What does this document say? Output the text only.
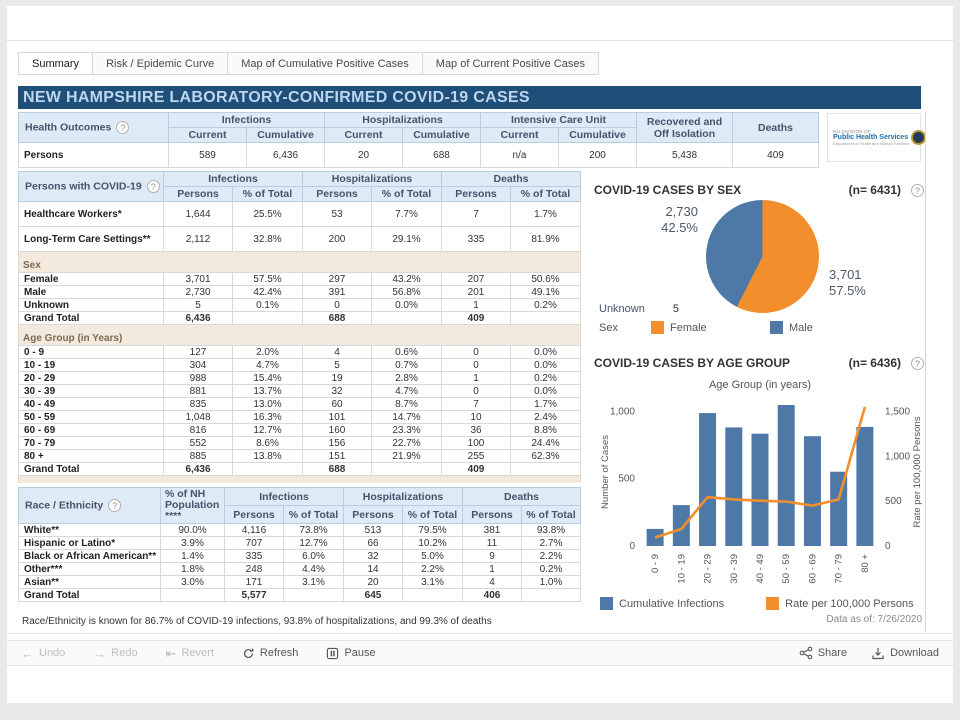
Summary	Risk / Epidemic Curve	Map of Cumulative Positive Cases	Map of Current Positive Cases
NEW HAMPSHIRE LABORATORY-CONFIRMED COVID-19 CASES
Health Outcomes ?	Infections		Hospitalizations		Intensive Care Unit		Recovered and Off Isolation	Deaths
	Current	Cumulative	Current	Cumulative	Current	Cumulative		
Persons	589	6,436	20	688	n/a	200	5,438	409
NH DIVISION OF
Public Health Services
Department of Health and Human Services
Persons with COVID-19 ?	Infections		Hospitalizations		Deaths	
	Persons	% of Total	Persons	% of Total	Persons	% of Total
Healthcare Workers*	1,644	25.5%	53	7.7%	7	1.7%
Long-Term Care Settings**	2,112	32.8%	200	29.1%	335	81.9%

Sex						
Female	3,701	57.5%	297	43.2%	207	50.6%
Male	2,730	42.4%	391	56.8%	201	49.1%
Unknown	5	0.1%	0	0.0%	1	0.2%
Grand Total	6,436		688		409	

Age Group (in Years)						
0 - 9	127	2.0%	4	0.6%	0	0.0%
10 - 19	304	4.7%	5	0.7%	0	0.0%
20 - 29	988	15.4%	19	2.8%	1	0.2%
30 - 39	881	13.7%	32	4.7%	0	0.0%
40 - 49	835	13.0%	60	8.7%	7	1.7%
50 - 59	1,048	16.3%	101	14.7%	10	2.4%
60 - 69	816	12.7%	160	23.3%	36	8.8%
70 - 79	552	8.6%	156	22.7%	100	24.4%
80 +	885	13.8%	151	21.9%	255	62.3%
Grand Total	6,436		688		409	

Race / Ethnicity ?	% of NH Population ****	Infections		Hospitalizations		Deaths	
		Persons	% of Total	Persons	% of Total	Persons	% of Total
White**	90.0%	4,116	73.8%	513	79.5%	381	93.8%
Hispanic or Latino*	3.9%	707	12.7%	66	10.2%	11	2.7%
Black or African American**	1.4%	335	6.0%	32	5.0%	9	2.2%
Other***	1.8%	248	4.4%	14	2.2%	1	0.2%
Asian**	3.0%	171	3.1%	20	3.1%	4	1.0%
Grand Total		5,577		645		406	
Race/Ethnicity is known for 86.7% of COVID-19 infections, 93.8% of hospitalizations, and 99.3% of deaths
COVID-19 CASES BY SEX	(n= 6431)	?
2,730
42.5%
3,701
57.5%
Unknown	5
Sex	Female	Male
COVID-19 CASES BY AGE GROUP	(n= 6436)	?
Age Group (in years)
0
500
1,000
0
500
1,000
1,500
Number of Cases	Rate per 100,000 Persons
0 - 9 10 - 19 20 - 29 30 - 39 40 - 49 50 - 59 60 - 69 70 - 79 80 +
Cumulative Infections	Rate per 100,000 Persons
Data as of: 7/26/2020
← Undo → Redo ⇤ Revert	Refresh	Pause	Share	Download
